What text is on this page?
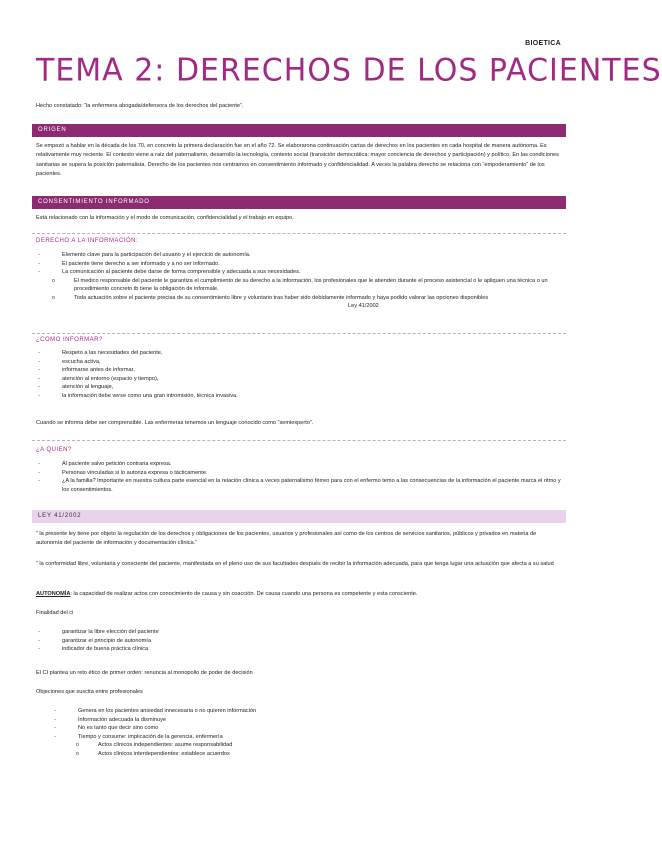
BIOETICA
TEMA 2: DERECHOS DE LOS PACIENTES
Hecho constatado: “la enfermera abogada/defensora de los derechos del paciente”.
ORIGEN
Se empezó a hablar en la década de los 70, en concreto la primera declaración fue en el año 72. Se elaborarona continuación cartas de derechos en los pacientes en cada hospital de manera autónoma. Es relativamente muy reciente. El contexto viene a raíz del paternalismo, desarrollo la tecnología, contexto social (transición democrática: mayor conciencia de derechos y participación) y político. En las condiciones sanitarias se supera la posición paternalista. Derecho de los pacientes nos centramos en consentimiento informado y confidencialidad. A veces la palabra derecho se relaciona con “empoderamiento” de los pacientes.
CONSENTIMIENTO INFORMADO
Está relacionado con la información y el modo de comunicación, confidencialidad y el trabajo en equipo.
DERECHO A LA INFORMACIÓN:
- Elemento clave para la participación del usuario y el ejercicio de autonomía.
- El paciente tiene derecho a ser informado y a no ser informado.
- La comunicación al paciente debe darse de forma comprensible y adecuada a sus necesidades.
o El medico responsable del paciente le garantiza el cumplimiento de su derecho a la información, los profesionales que le atienden durante el proceso asistencial o le apliquen una técnica o un procedimiento concreto tb tiene la obligación de informale.
o Toda actuación sobre el paciente precisa de su consentimiento libre y voluntario tras haber sido debidamente informado y haya podido valorar las opciones disponibles
Ley 41/2002
¿COMO INFORMAR?
- Respeto a las necesidades del paciente,
- escucha activa,
- informarse antes de informar,
- atención al entorno (espacio y tiempo),
- atención al lenguaje,
- la información debe verse como una gran intromisión, técnica invasiva.
Cuando se informa debe ser comprensible. Las enfermeras tenemos un lenguaje conocido como “semiexperto”.
¿A QUIEN?
- Al paciente salvo petición contraria expresa.
- Personas vinculadas si lo autoriza expresa o tácticamente.
- ¿A la familia? Importante en nuestra cultura parte esencial en la relación clínica a veces paternalismo férreo para con el enfermo temo a las consecuencias de la información el paciente marca el ritmo y los consentimientos.
LEY 41/2002
“ la presente ley tiene por objeto la regulación de los derechos y obligaciones de los pacientes, usuarios y profesionales así como de los centros de servicios sanitarios, públicos y privados en materia de autonomía del paciente de información y documentación clínica.”
“ la conformidad libre, voluntaria y consciente del paciente, manifestada en el pleno uso de sus facultades después de recibir la información adecuada, para que tenga lugar una actuación que afecta a su salud
AUTONOMÍA: la capacidad de realizar actos con conocimiento de causa y sin coacción. De causa cuando una persona es competente y esta consciente.
Finalidad del ci
- garantizar la libre elección del paciente
- garantizar el principio de autonomía
- indicador de buena práctica clínica
El CI plantea un reto ético de primer orden: renuncia al monopolio de poder de decisión
Objeciones que suscita entre profesionales
- Genera en los pacientes ansiedad innecesaria o no quieren información
- Información adecuada la disminuye
- No es tanto que decir sino como
- Tiempo y consume: implicación de la gerencia, enfermería
o Actos clínicos independientes: asume responsabilidad
o Actos clínicos interdependientes: establece acuerdos
